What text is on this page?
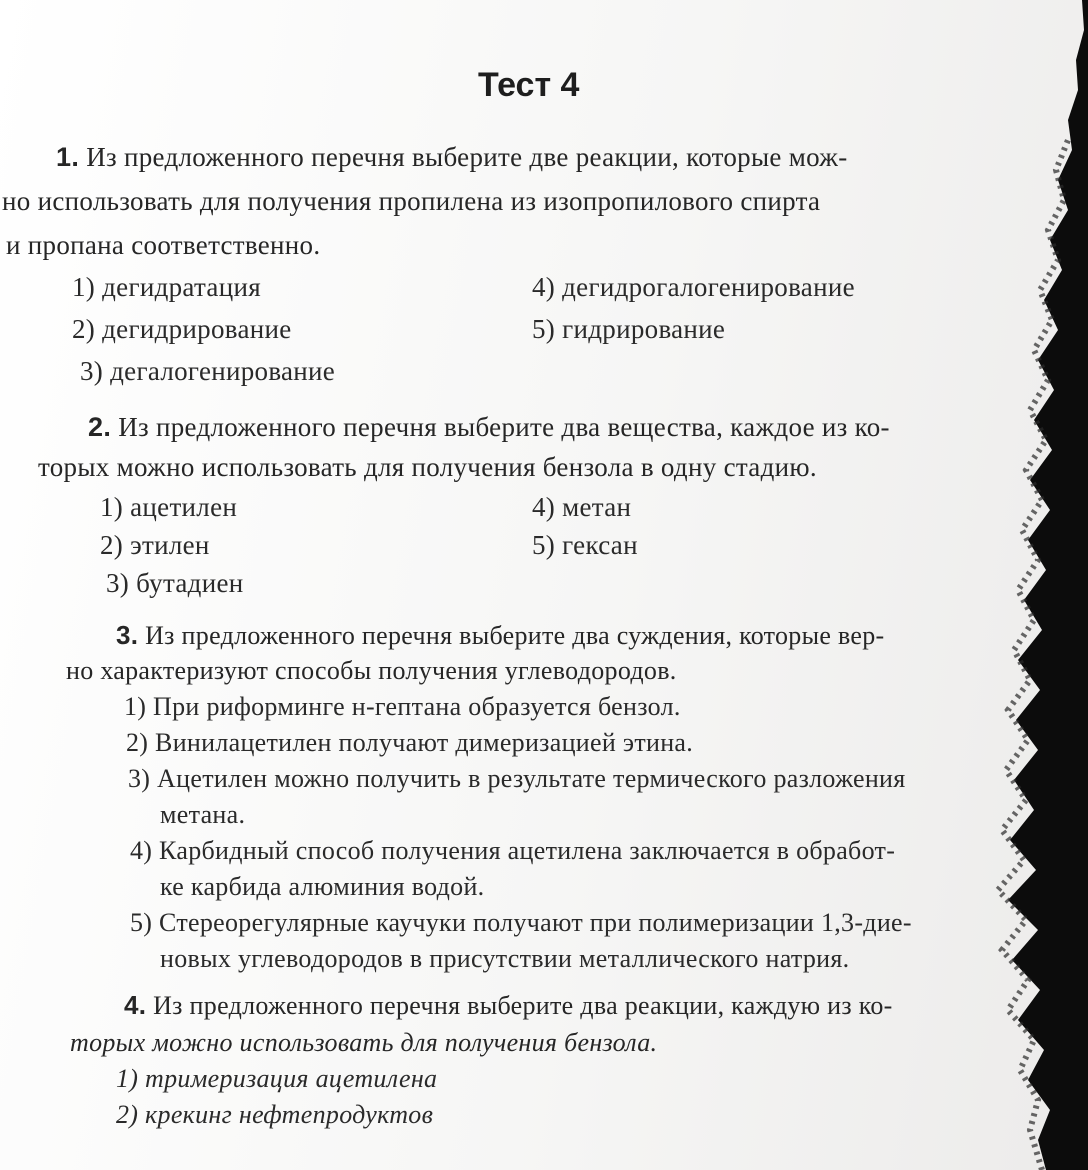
Тест 4
1. Из предложенного перечня выберите две реакции, которые мож-
но использовать для получения пропилена из изопропилового спирта
и пропана соответственно.
1) дегидратация
2) дегидрирование
3) дегалогенирование
4) дегидрогалогенирование
5) гидрирование
2. Из предложенного перечня выберите два вещества, каждое из ко-
торых можно использовать для получения бензола в одну стадию.
1) ацетилен
2) этилен
3) бутадиен
4) метан
5) гексан
3. Из предложенного перечня выберите два суждения, которые вер-
но характеризуют способы получения углеводородов.
1) При риформинге н-гептана образуется бензол.
2) Винилацетилен получают димеризацией этина.
3) Ацетилен можно получить в результате термического разложения
метана.
4) Карбидный способ получения ацетилена заключается в обработ-
ке карбида алюминия водой.
5) Стереорегулярные каучуки получают при полимеризации 1,3-дие-
новых углеводородов в присутствии металлического натрия.
4. Из предложенного перечня выберите два реакции, каждую из ко-
торых можно использовать для получения бензола.
1) тримеризация ацетилена
2) крекинг нефтепродуктов
